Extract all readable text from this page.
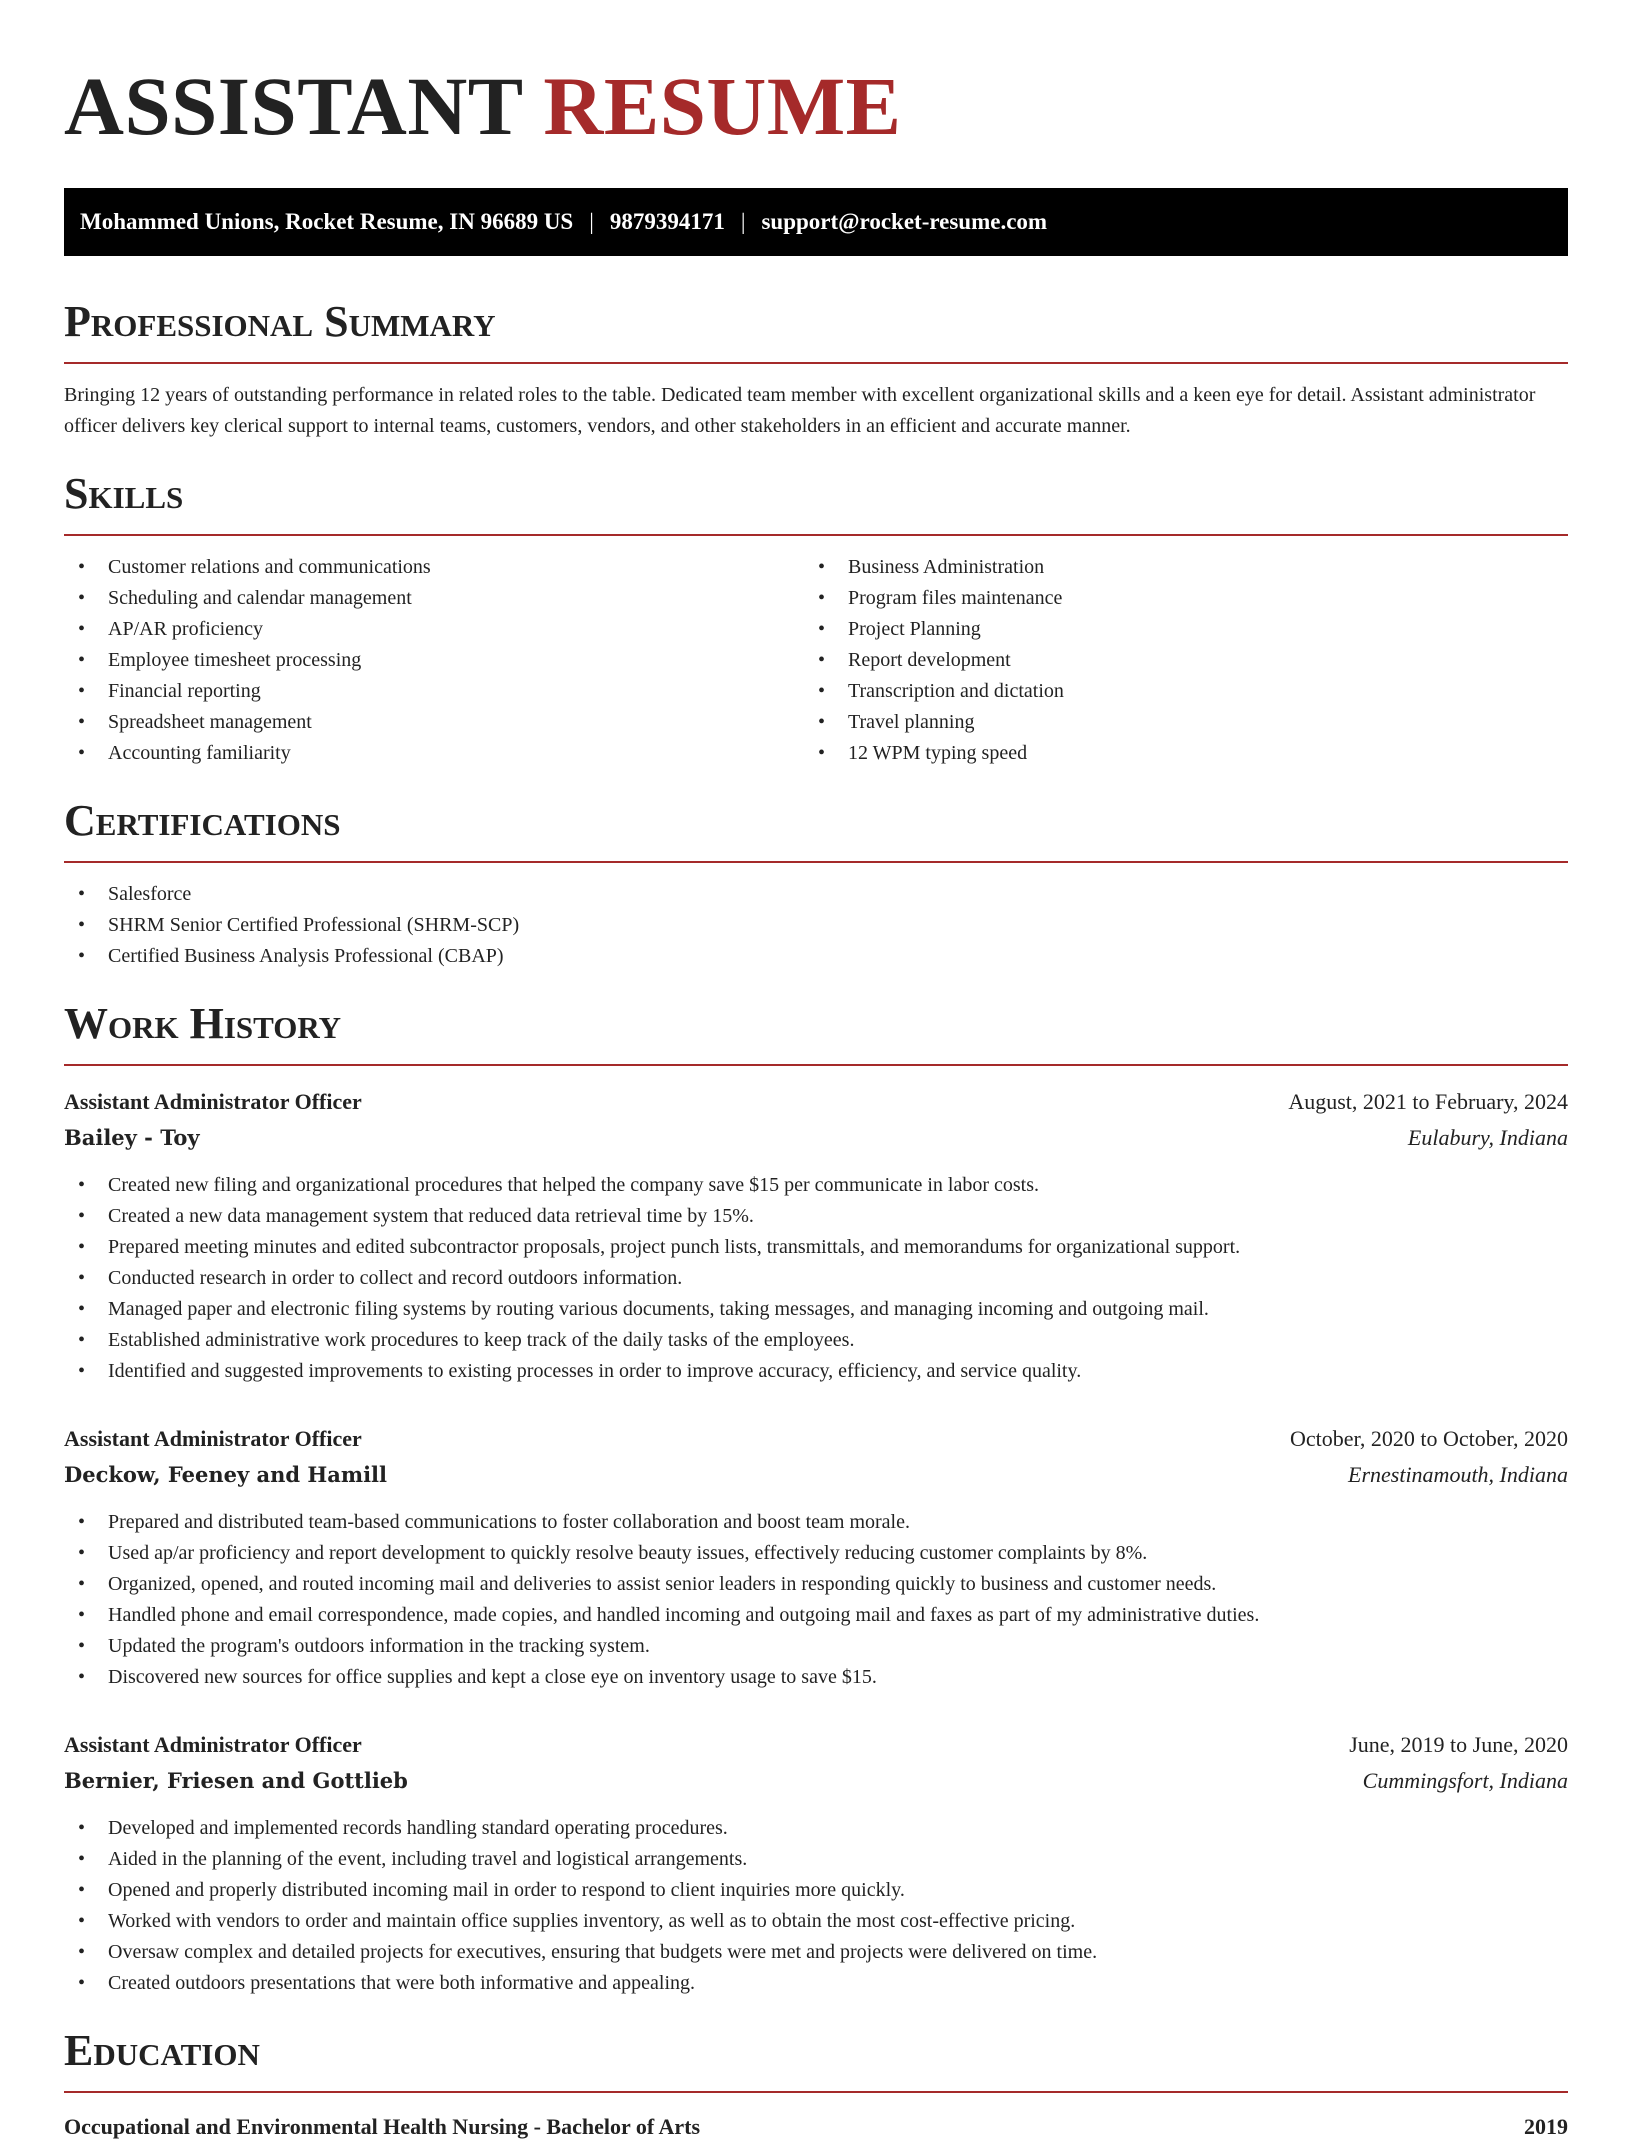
ASSISTANT RESUME
Mohammed Unions, Rocket Resume, IN 96689 US | 9879394171 | support@rocket-resume.com
Professional Summary

Bringing 12 years of outstanding performance in related roles to the table. Dedicated team member with excellent organizational skills and a keen eye for detail. Assistant administrator officer delivers key clerical support to internal teams, customers, vendors, and other stakeholders in an efficient and accurate manner.

Skills
• Customer relations and communications
• Scheduling and calendar management
• AP/AR proficiency
• Employee timesheet processing
• Financial reporting
• Spreadsheet management
• Accounting familiarity
• Business Administration
• Program files maintenance
• Project Planning
• Report development
• Transcription and dictation
• Travel planning
• 12 WPM typing speed
Certifications
• Salesforce
• SHRM Senior Certified Professional (SHRM-SCP)
• Certified Business Analysis Professional (CBAP)
Work History
Assistant Administrator Officer	August, 2021 to February, 2024
Bailey - Toy	Eulabury, Indiana
• Created new filing and organizational procedures that helped the company save $15 per communicate in labor costs.
• Created a new data management system that reduced data retrieval time by 15%.
• Prepared meeting minutes and edited subcontractor proposals, project punch lists, transmittals, and memorandums for organizational support.
• Conducted research in order to collect and record outdoors information.
• Managed paper and electronic filing systems by routing various documents, taking messages, and managing incoming and outgoing mail.
• Established administrative work procedures to keep track of the daily tasks of the employees.
• Identified and suggested improvements to existing processes in order to improve accuracy, efficiency, and service quality.
Assistant Administrator Officer	October, 2020 to October, 2020
Deckow, Feeney and Hamill	Ernestinamouth, Indiana
• Prepared and distributed team-based communications to foster collaboration and boost team morale.
• Used ap/ar proficiency and report development to quickly resolve beauty issues, effectively reducing customer complaints by 8%.
• Organized, opened, and routed incoming mail and deliveries to assist senior leaders in responding quickly to business and customer needs.
• Handled phone and email correspondence, made copies, and handled incoming and outgoing mail and faxes as part of my administrative duties.
• Updated the program's outdoors information in the tracking system.
• Discovered new sources for office supplies and kept a close eye on inventory usage to save $15.
Assistant Administrator Officer	June, 2019 to June, 2020
Bernier, Friesen and Gottlieb	Cummingsfort, Indiana
• Developed and implemented records handling standard operating procedures.
• Aided in the planning of the event, including travel and logistical arrangements.
• Opened and properly distributed incoming mail in order to respond to client inquiries more quickly.
• Worked with vendors to order and maintain office supplies inventory, as well as to obtain the most cost-effective pricing.
• Oversaw complex and detailed projects for executives, ensuring that budgets were met and projects were delivered on time.
• Created outdoors presentations that were both informative and appealing.
Education
Occupational and Environmental Health Nursing - Bachelor of Arts	2019
